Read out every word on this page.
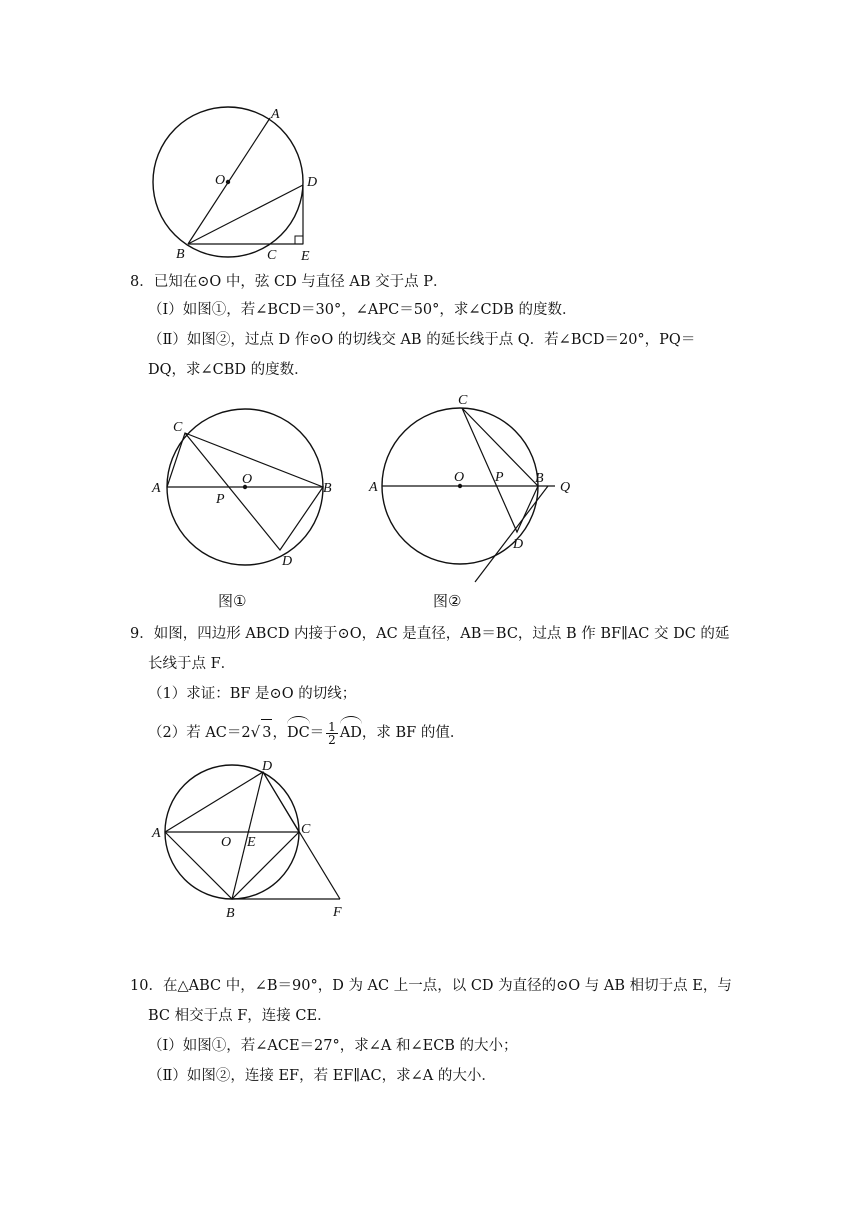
A
O	D
B	C E
8．已知在⊙O 中，弦 CD 与直径 AB 交于点 P．
（Ⅰ）如图①，若∠BCD＝30°，∠APC＝50°，求∠CDB 的度数．
（Ⅱ）如图②，过点 D 作⊙O 的切线交 AB 的延长线于点 Q．若∠BCD＝20°，PQ＝
DQ，求∠CBD 的度数．
C
A
O
P
B
D
图①
C
A
O P B
Q
D
图②
9．如图，四边形 ABCD 内接于⊙O，AC 是直径，AB＝BC，过点 B 作 BF∥AC 交 DC 的延
长线于点 F．
（1）求证：BF 是⊙O 的切线；
（2）若 AC＝2√ 3，$DC= \frac{1}{2}$ AD，求 BF 的值．
D
A
O E
C
B	F
10．在△ABC 中，∠B＝90°，D 为 AC 上一点，以 CD 为直径的⊙O 与 AB 相切于点 E，与
BC 相交于点 F，连接 CE．
（Ⅰ）如图①，若∠ACE＝27°，求∠A 和∠ECB 的大小；
（Ⅱ）如图②，连接 EF，若 EF∥AC，求∠A 的大小．
